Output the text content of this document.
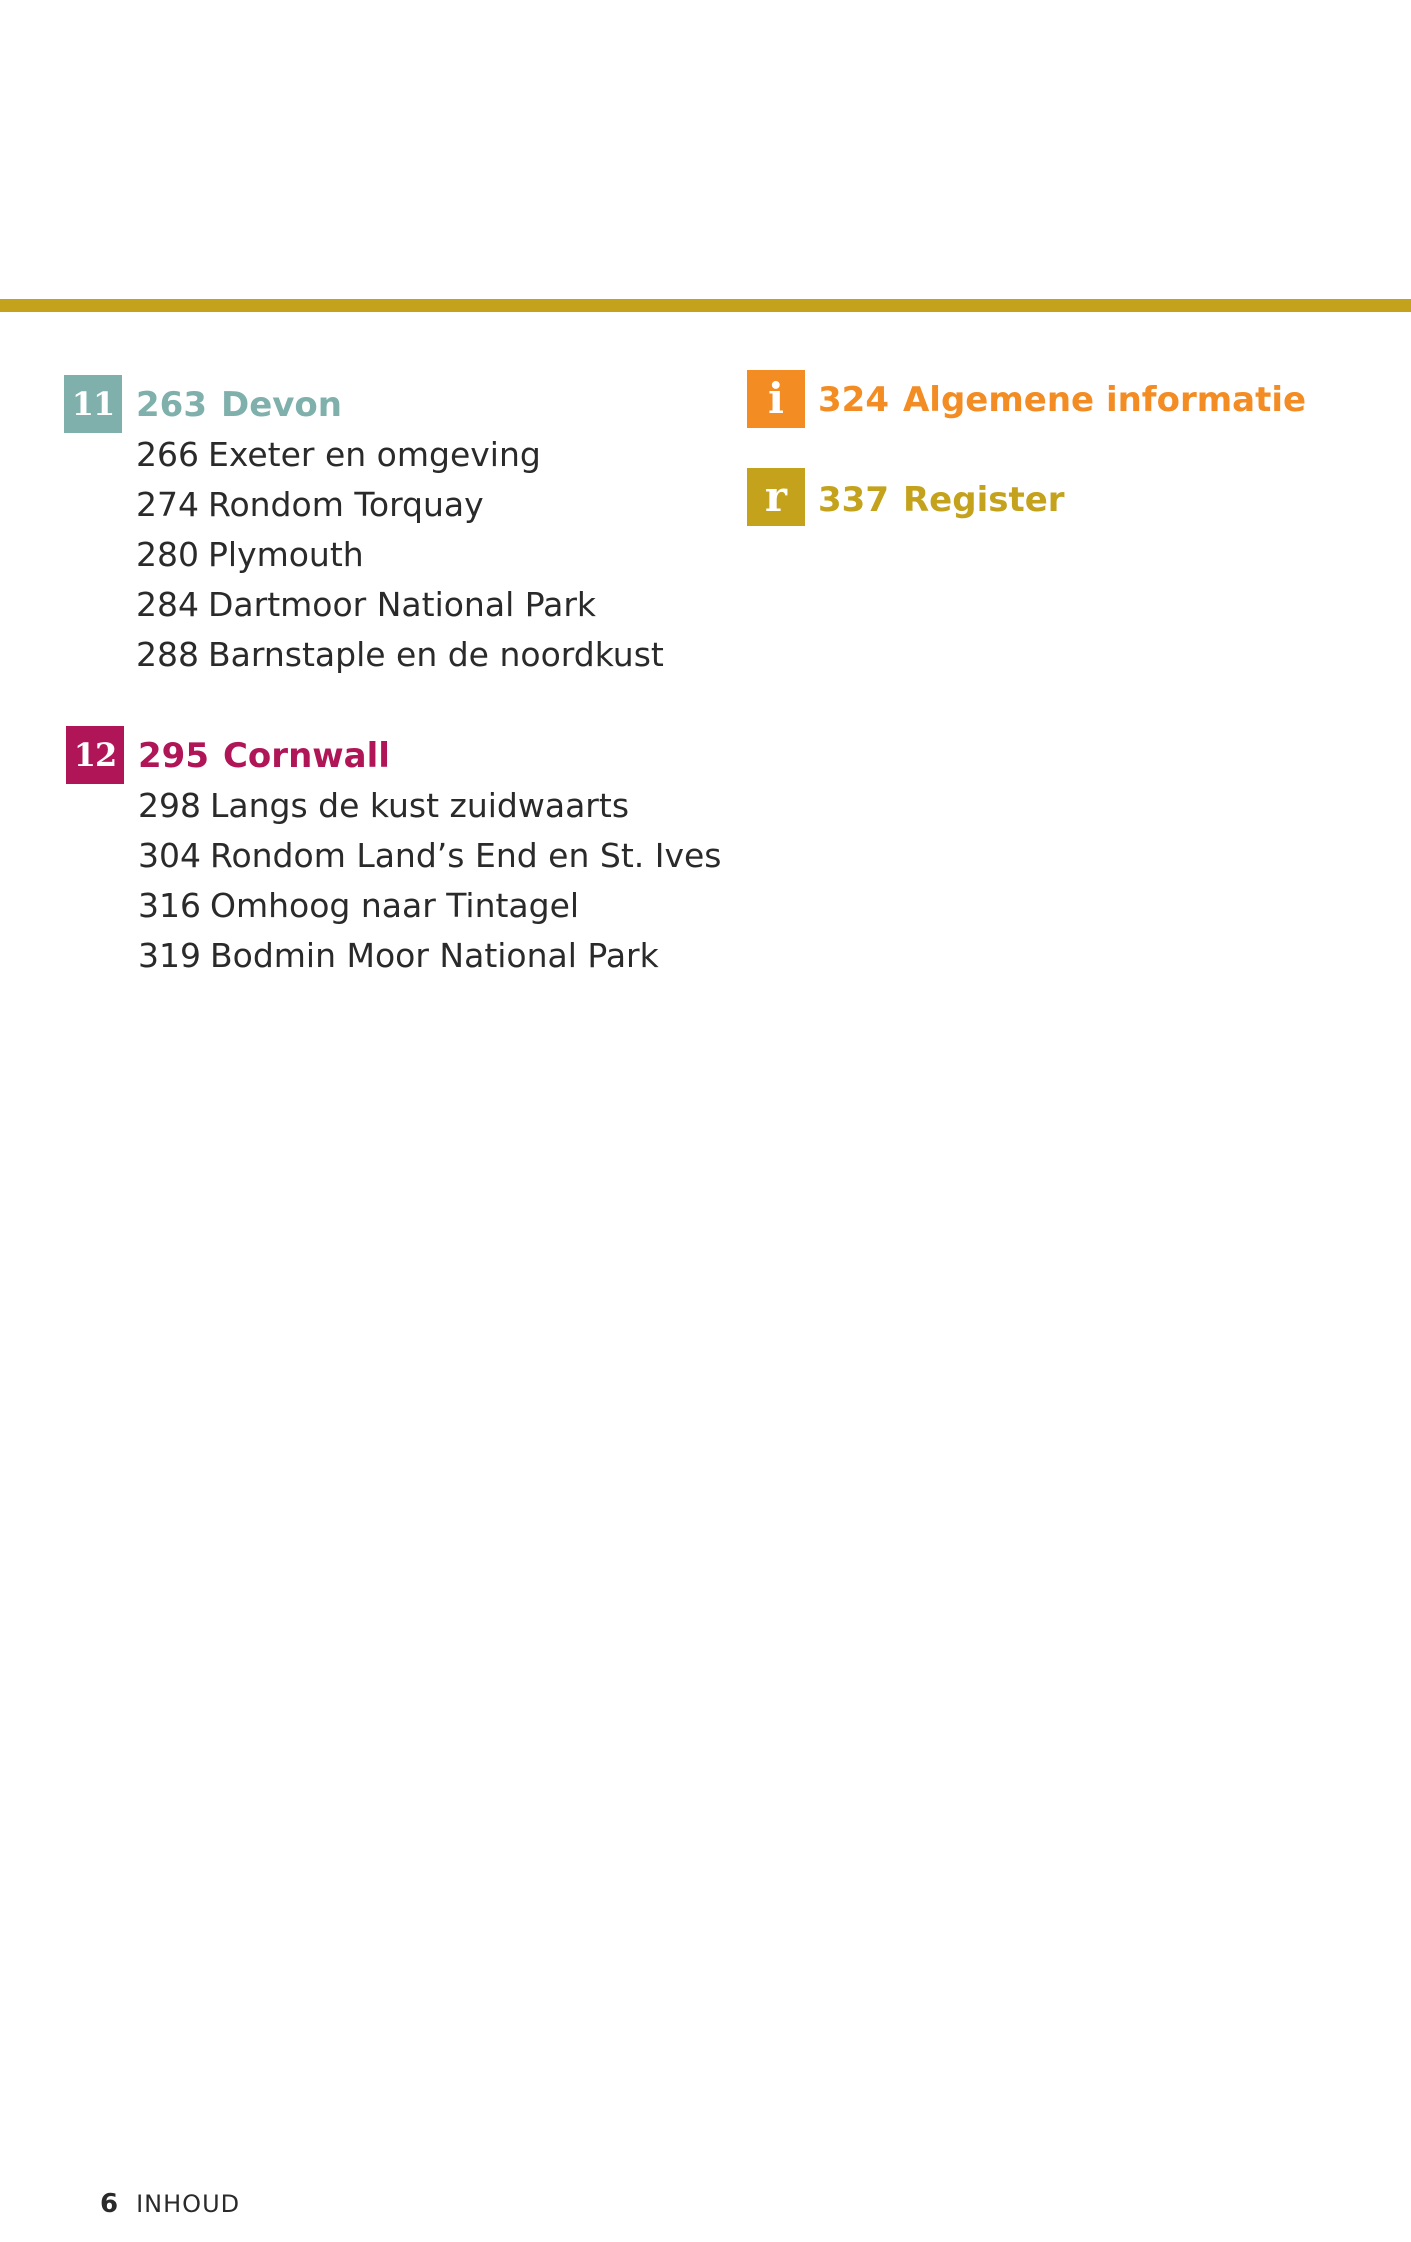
11 263 Devon
266 Exeter en omgeving
274 Rondom Torquay
280 Plymouth
284 Dartmoor National Park
288 Barnstaple en de noordkust
12 295 Cornwall
298 Langs de kust zuidwaarts
304 Rondom Land’s End en St. Ives
316 Omhoog naar Tintagel
319 Bodmin Moor National Park
i	324 Algemene informatie
r 337 Register
6 INHOUD
